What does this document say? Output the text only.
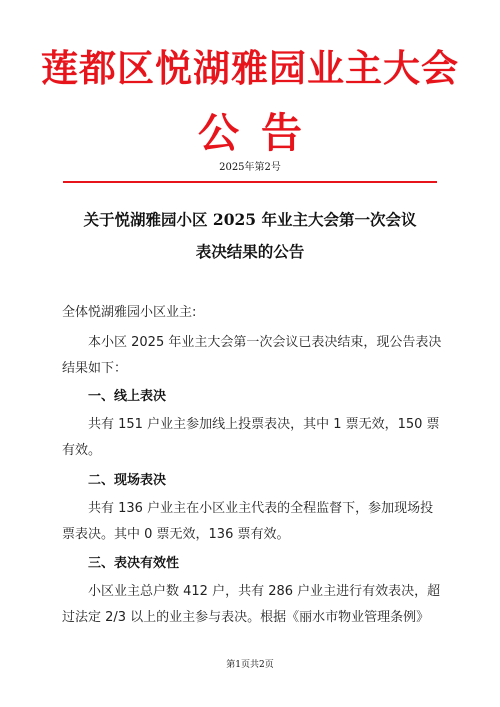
莲都区悦湖雅园业主大会
公告
2025年第2号
关于悦湖雅园小区 2025 年业主大会第一次会议
表决结果的公告
全体悦湖雅园小区业主:
本小区 2025 年业主大会第一次会议已表决结束，现公告表决结果如下：
一、线上表决
共有 151 户业主参加线上投票表决，其中 1 票无效，150 票有效。
二、现场表决
共有 136 户业主在小区业主代表的全程监督下，参加现场投票表决。其中 0 票无效，136 票有效。
三、表决有效性
小区业主总户数 412 户，共有 286 户业主进行有效表决，超过法定 2/3 以上的业主参与表决。根据《丽水市物业管理条例》
第1页共2页
